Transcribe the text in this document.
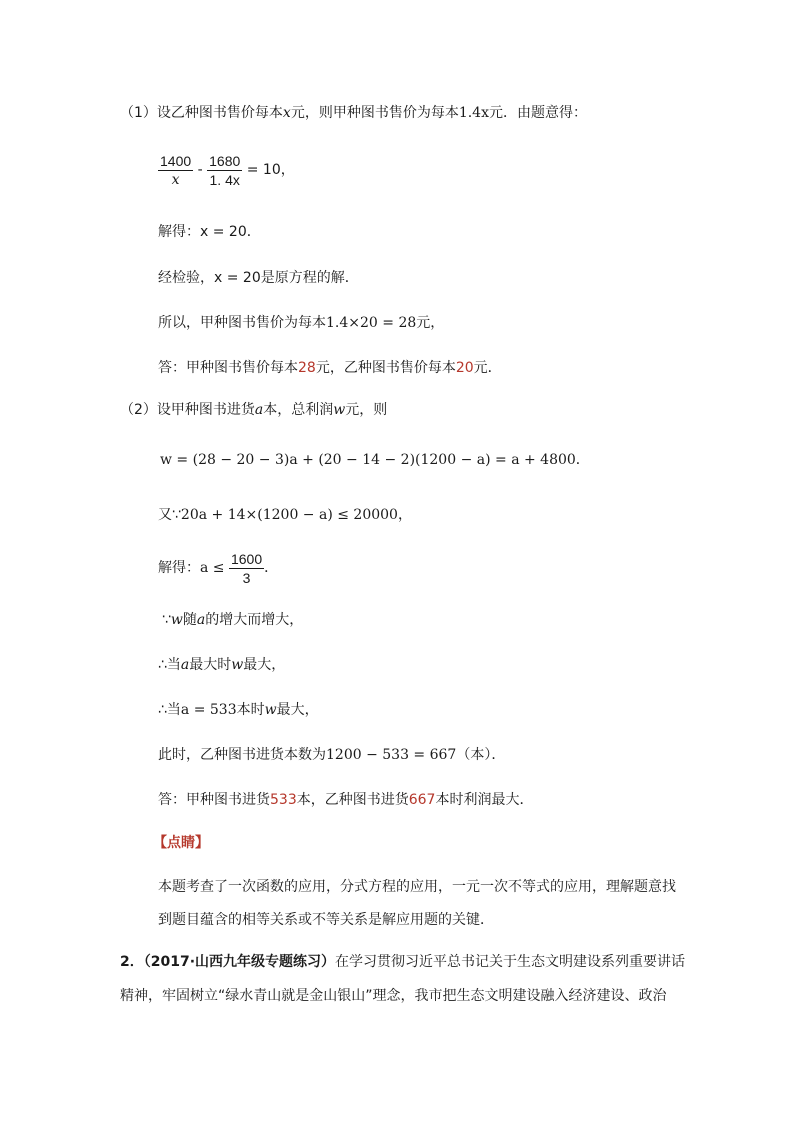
（1）设乙种图书售价每本x元，则甲种图书售价为每本1.4x元．由题意得：
$\frac{1400}{x} - \frac{1680}{1. 4x} = 10$，
解得：x = 20．
经检验，x = 20是原方程的解．
所以，甲种图书售价为每本1.4×20 = 28元，
答：甲种图书售价每本28元，乙种图书售价每本20元．
（2）设甲种图书进货a本，总利润w元，则
w = (28 − 20 − 3)a + (20 − 14 − 2)(1200 − a) = a + 4800．
又∵20a + 14×(1200 − a) ≤ 20000，
解得：$a \le \frac{1600}{3}$ ．
∵w随a的增大而增大，
∴当a最大时w最大，
∴当a = 533本时w最大，
此时，乙种图书进货本数为1200 − 533 = 667（本）．
答：甲种图书进货533本，乙种图书进货667本时利润最大．
【点睛】
本题考查了一次函数的应用，分式方程的应用，一元一次不等式的应用，理解题意找
到题目蕴含的相等关系或不等关系是解应用题的关键．
2．（2017·山西九年级专题练习）在学习贯彻习近平总书记关于生态文明建设系列重要讲话
精神，牢固树立“绿水青山就是金山银山”理念，我市把生态文明建设融入经济建设、政治
